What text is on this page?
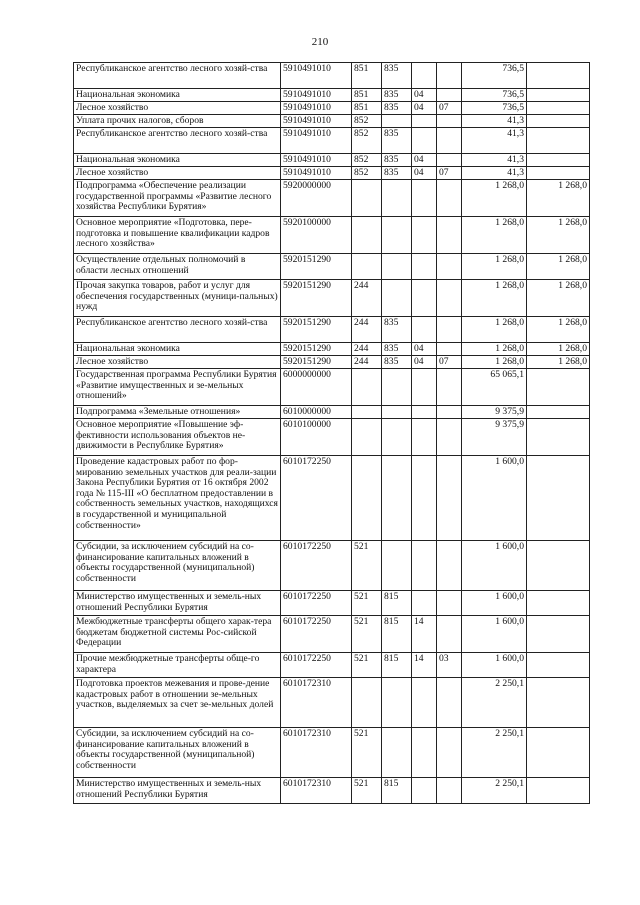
210
Республиканское агентство лесного хозяй-ства	5910491010	851	835			736,5	
Национальная экономика	5910491010	851	835	04		736,5	
Лесное хозяйство	5910491010	851	835	04	07	736,5	
Уплата прочих налогов, сборов	5910491010	852				41,3	
Республиканское агентство лесного хозяй-ства	5910491010	852	835			41,3	
Национальная экономика	5910491010	852	835	04		41,3	
Лесное хозяйство	5910491010	852	835	04	07	41,3	
Подпрограмма «Обеспечение реализации государственной программы «Развитие лесного хозяйства Республики Бурятия»	5920000000					1 268,0	1 268,0
Основное мероприятие «Подготовка, пере-подготовка и повышение квалификации кадров лесного хозяйства»	5920100000					1 268,0	1 268,0
Осуществление отдельных полномочий в области лесных отношений	5920151290					1 268,0	1 268,0
Прочая закупка товаров, работ и услуг для обеспечения государственных (муници-пальных) нужд	5920151290	244				1 268,0	1 268,0
Республиканское агентство лесного хозяй-ства	5920151290	244	835			1 268,0	1 268,0
Национальная экономика	5920151290	244	835	04		1 268,0	1 268,0
Лесное хозяйство	5920151290	244	835	04	07	1 268,0	1 268,0
Государственная программа Республики Бурятия «Развитие имущественных и зе-мельных отношений»	6000000000					65 065,1	
Подпрограмма «Земельные отношения»	6010000000					9 375,9	
Основное мероприятие «Повышение эф-фективности использования объектов не-движимости в Республике Бурятия»	6010100000					9 375,9	
Проведение кадастровых работ по фор-мированию земельных участков для реали-зации Закона Республики Бурятия от 16 октября 2002 года № 115-III «О бесплатном предоставлении в собственность земельных участков, находящихся в государственной и муниципальной собственности»	6010172250					1 600,0	
Субсидии, за исключением субсидий на со-финансирование капитальных вложений в объекты государственной (муниципальной) собственности	6010172250	521				1 600,0	
Министерство имущественных и земель-ных отношений Республики Бурятия	6010172250	521	815			1 600,0	
Межбюджетные трансферты общего харак-тера бюджетам бюджетной системы Рос-сийской Федерации	6010172250	521	815	14		1 600,0	
Прочие межбюджетные трансферты обще-го характера	6010172250	521	815	14	03	1 600,0	
Подготовка проектов межевания и прове-дение кадастровых работ в отношении зе-мельных участков, выделяемых за счет зе-мельных долей	6010172310					2 250,1	
Субсидии, за исключением субсидий на со-финансирование капитальных вложений в объекты государственной (муниципальной) собственности	6010172310	521				2 250,1	
Министерство имущественных и земель-ных отношений Республики Бурятия	6010172310	521	815			2 250,1	
